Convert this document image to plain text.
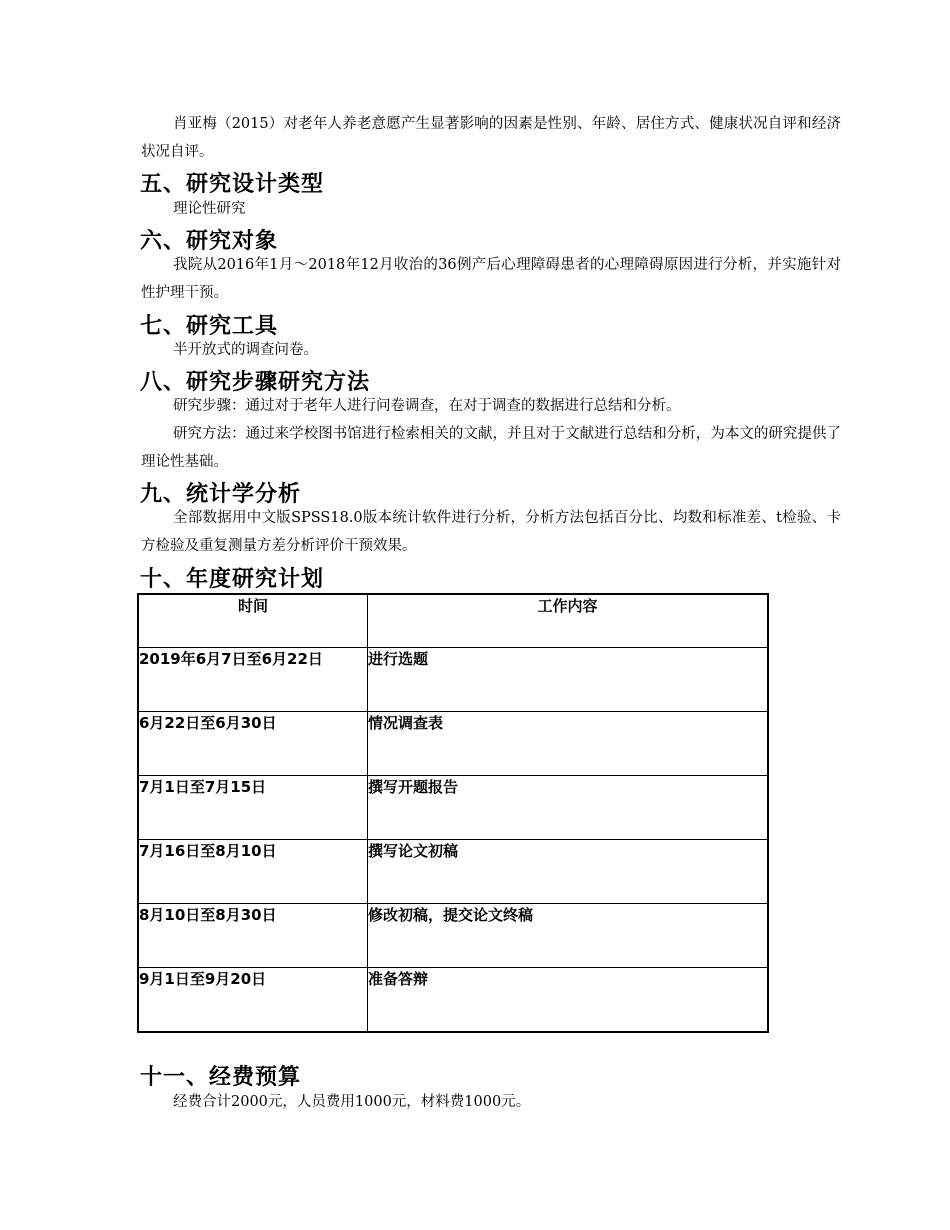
肖亚梅（2015）对老年人养老意愿产生显著影响的因素是性别、年龄、居住方式、健康状况自评和经济状况自评。

五、研究设计类型

理论性研究

六、研究对象

我院从2016年1月～2018年12月收治的36例产后心理障碍患者的心理障碍原因进行分析，并实施针对性护理干预。

七、研究工具

半开放式的调查问卷。

八、研究步骤研究方法

研究步骤：通过对于老年人进行问卷调查，在对于调查的数据进行总结和分析。

研究方法：通过来学校图书馆进行检索相关的文献，并且对于文献进行总结和分析，为本文的研究提供了理论性基础。

九、统计学分析

全部数据用中文版SPSS18.0版本统计软件进行分析，分析方法包括百分比、均数和标准差、t检验、卡方检验及重复测量方差分析评价干预效果。

十、年度研究计划
时间	工作内容
2019年6月7日至6月22日	进行选题
6月22日至6月30日	情况调查表
7月1日至7月15日	撰写开题报告
7月16日至8月10日	撰写论文初稿
8月10日至8月30日	修改初稿，提交论文终稿
9月1日至9月20日	准备答辩
十一、经费预算

经费合计2000元，人员费用1000元，材料费1000元。
